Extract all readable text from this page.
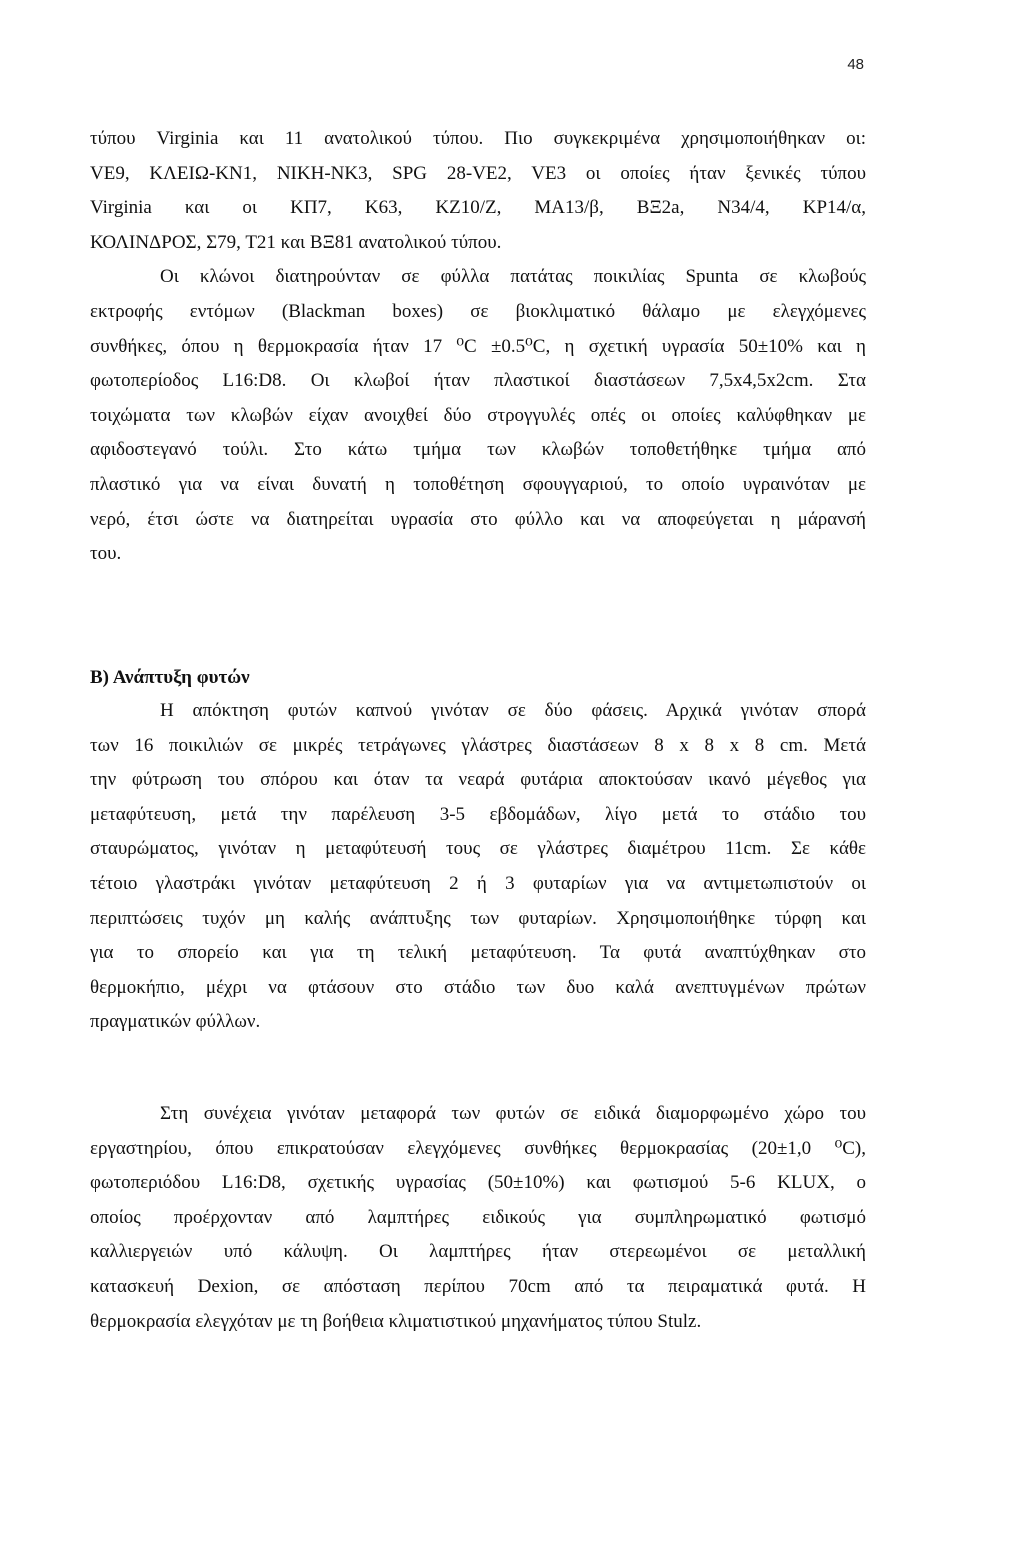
48
τύπου Virginia και 11 ανατολικού τύπου. Πιο συγκεκριμένα χρησιμοποιήθηκαν οι:
VE9, ΚΛΕΙΩ-ΚΝ1, ΝΙΚΗ-ΝΚ3, SPG 28-VE2, VE3 οι οποίες ήταν ξενικές τύπου
Virginia και οι ΚΠ7, Κ63, ΚΖ10/Ζ, ΜΑ13/β, ΒΞ2a, Ν34/4, ΚΡ14/α,
ΚΟΛΙΝΔΡΟΣ, Σ79, Τ21 και ΒΞ81 ανατολικού τύπου.
Οι κλώνοι διατηρούνταν σε φύλλα πατάτας ποικιλίας Spunta σε κλωβούς
εκτροφής εντόμων (Blackman boxes) σε βιοκλιματικό θάλαμο με ελεγχόμενες
συνθήκες, όπου η θερμοκρασία ήταν 17 ⁰C ±0.5⁰C, η σχετική υγρασία 50±10% και η
φωτοπερίοδος L16:D8. Οι κλωβοί ήταν πλαστικοί διαστάσεων 7,5x4,5x2cm. Στα
τοιχώματα των κλωβών είχαν ανοιχθεί δύο στρογγυλές οπές οι οποίες καλύφθηκαν με
αφιδοστεγανό τούλι. Στο κάτω τμήμα των κλωβών τοποθετήθηκε τμήμα από
πλαστικό για να είναι δυνατή η τοποθέτηση σφουγγαριού, το οποίο υγραινόταν με
νερό, έτσι ώστε να διατηρείται υγρασία στο φύλλο και να αποφεύγεται η μάρανσή
του.
Β) Ανάπτυξη φυτών
Η απόκτηση φυτών καπνού γινόταν σε δύο φάσεις. Αρχικά γινόταν σπορά
των 16 ποικιλιών σε μικρές τετράγωνες γλάστρες διαστάσεων 8 x 8 x 8 cm. Μετά
την φύτρωση του σπόρου και όταν τα νεαρά φυτάρια αποκτούσαν ικανό μέγεθος για
μεταφύτευση, μετά την παρέλευση 3-5 εβδομάδων, λίγο μετά το στάδιο του
σταυρώματος, γινόταν η μεταφύτευσή τους σε γλάστρες διαμέτρου 11cm. Σε κάθε
τέτοιο γλαστράκι γινόταν μεταφύτευση 2 ή 3 φυταρίων για να αντιμετωπιστούν οι
περιπτώσεις τυχόν μη καλής ανάπτυξης των φυταρίων. Χρησιμοποιήθηκε τύρφη και
για το σπορείο και για τη τελική μεταφύτευση. Τα φυτά αναπτύχθηκαν στο
θερμοκήπιο, μέχρι να φτάσουν στο στάδιο των δυο καλά ανεπτυγμένων πρώτων
πραγματικών φύλλων.
Στη συνέχεια γινόταν μεταφορά των φυτών σε ειδικά διαμορφωμένο χώρο του
εργαστηρίου, όπου επικρατούσαν ελεγχόμενες συνθήκες θερμοκρασίας (20±1,0 ⁰C),
φωτοπεριόδου L16:D8, σχετικής υγρασίας (50±10%) και φωτισμού 5-6 KLUX, ο
οποίος προέρχονταν από λαμπτήρες ειδικούς για συμπληρωματικό φωτισμό
καλλιεργειών υπό κάλυψη. Οι λαμπτήρες ήταν στερεωμένοι σε μεταλλική
κατασκευή Dexion, σε απόσταση περίπου 70cm από τα πειραματικά φυτά. Η
θερμοκρασία ελεγχόταν με τη βοήθεια κλιματιστικού μηχανήματος τύπου Stulz.
